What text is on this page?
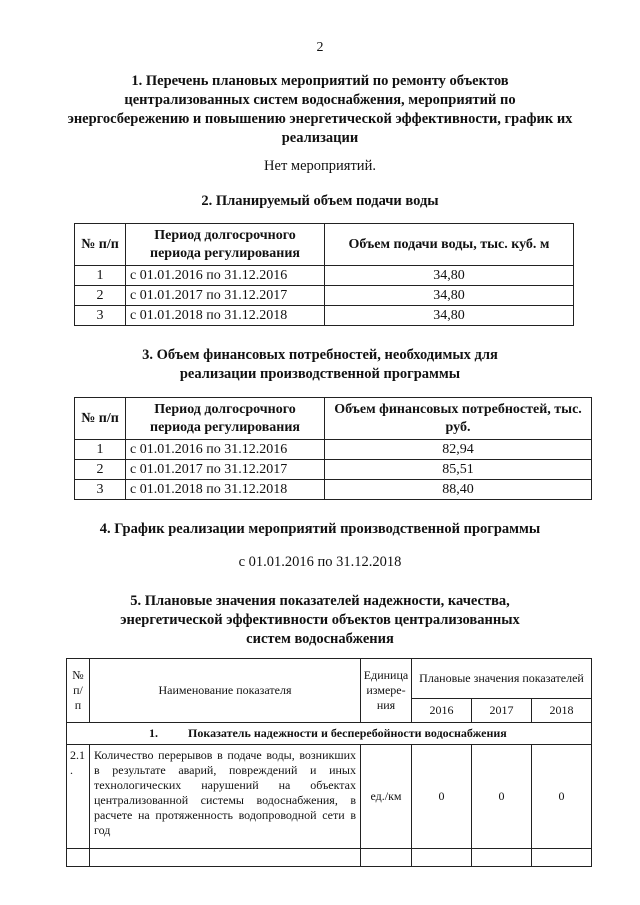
2
1. Перечень плановых мероприятий по ремонту объектов
централизованных систем водоснабжения, мероприятий по
энергосбережению и повышению энергетической эффективности, график их
реализации
Нет мероприятий.
2. Планируемый объем подачи воды
№ п/п	Период долгосрочного периода регулирования	Объем подачи воды, тыс. куб. м
1	с 01.01.2016 по 31.12.2016	34,80
2	с 01.01.2017 по 31.12.2017	34,80
3	с 01.01.2018 по 31.12.2018	34,80
3. Объем финансовых потребностей, необходимых для
реализации производственной программы
№ п/п	Период долгосрочного периода регулирования	Объем финансовых потребностей, тыс. руб.
1	с 01.01.2016 по 31.12.2016	82,94
2	с 01.01.2017 по 31.12.2017	85,51
3	с 01.01.2018 по 31.12.2018	88,40
4. График реализации мероприятий производственной программы
с 01.01.2016 по 31.12.2018
5. Плановые значения показателей надежности, качества,
энергетической эффективности объектов централизованных
систем водоснабжения
№ п/п	Наименование показателя	Единица измере- ния	Плановые значения показателей		
			2016	2017	2018
1. Показатель надежности и бесперебойности водоснабжения					
2.1 .	Количество перерывов в подаче воды, возникших в результате аварий, повреждений и иных технологических нарушений на объектах централизованной системы водоснабжения, в расчете на протяженность водопроводной сети в год	ед./км	0	0	0
